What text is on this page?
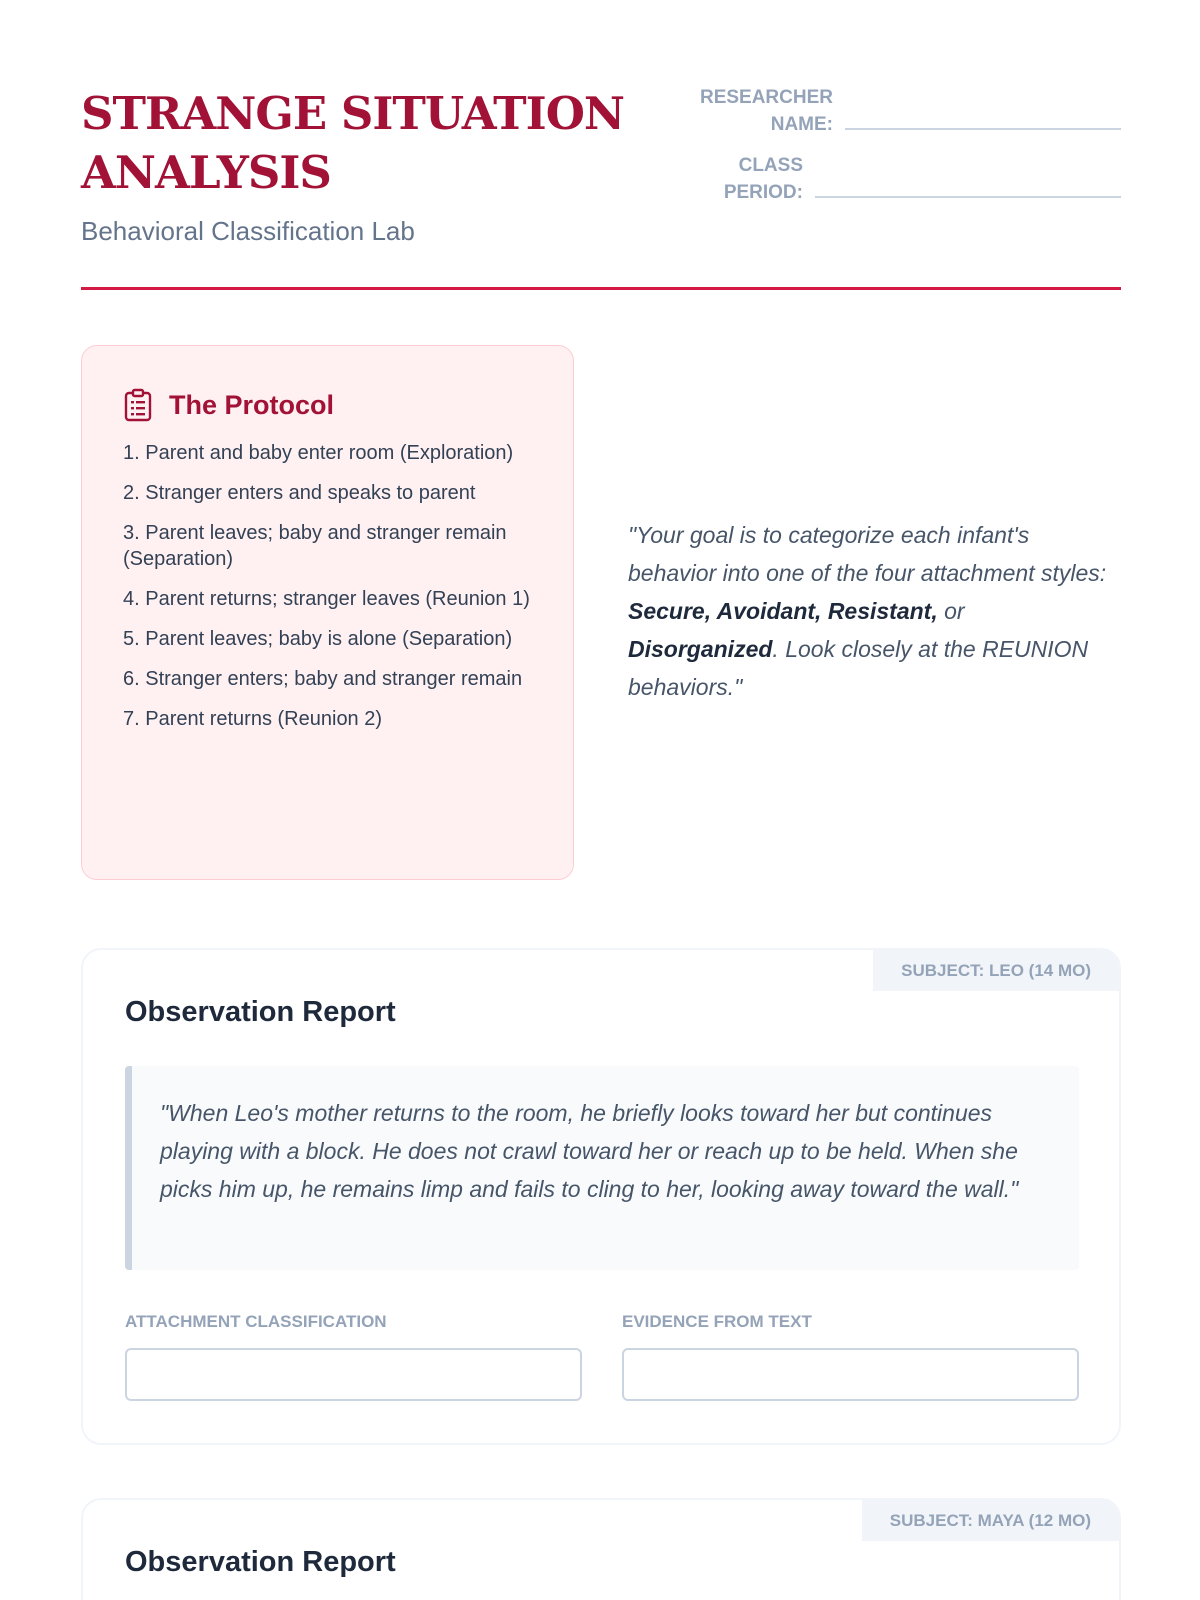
STRANGE SITUATION ANALYSIS
Behavioral Classification Lab
RESEARCHER NAME:
CLASS PERIOD:
The Protocol
1. Parent and baby enter room (Exploration)
2. Stranger enters and speaks to parent
3. Parent leaves; baby and stranger remain (Separation)
4. Parent returns; stranger leaves (Reunion 1)
5. Parent leaves; baby is alone (Separation)
6. Stranger enters; baby and stranger remain
7. Parent returns (Reunion 2)
"Your goal is to categorize each infant's behavior into one of the four attachment styles: Secure, Avoidant, Resistant, or Disorganized. Look closely at the REUNION behaviors."
SUBJECT: LEO (14 MO)
Observation Report
"When Leo's mother returns to the room, he briefly looks toward her but continues playing with a block. He does not crawl toward her or reach up to be held. When she picks him up, he remains limp and fails to cling to her, looking away toward the wall."
ATTACHMENT CLASSIFICATION	EVIDENCE FROM TEXT
SUBJECT: MAYA (12 MO)
Observation Report
